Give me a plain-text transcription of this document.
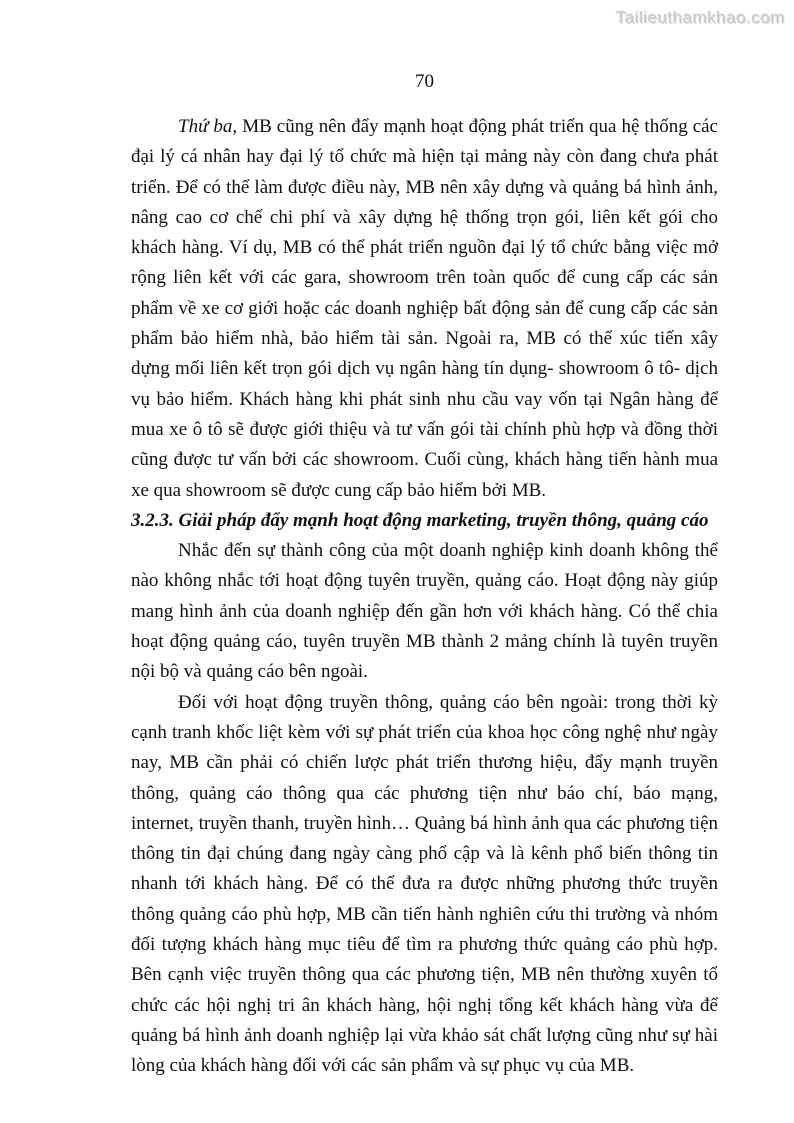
Tailieuthamkhao.com
70

Thứ ba, MB cũng nên đẩy mạnh hoạt động phát triển qua hệ thống các đại lý cá nhân hay đại lý tổ chức mà hiện tại mảng này còn đang chưa phát triển. Để có thể làm được điều này, MB nên xây dựng và quảng bá hình ảnh, nâng cao cơ chế chi phí và xây dựng hệ thống trọn gói, liên kết gói cho khách hàng. Ví dụ, MB có thể phát triển nguồn đại lý tổ chức bằng việc mở rộng liên kết với các gara, showroom trên toàn quốc để cung cấp các sản phẩm về xe cơ giới hoặc các doanh nghiệp bất động sản để cung cấp các sản phẩm bảo hiểm nhà, bảo hiểm tài sản. Ngoài ra, MB có thể xúc tiến xây dựng mối liên kết trọn gói dịch vụ ngân hàng tín dụng- showroom ô tô- dịch vụ bảo hiểm. Khách hàng khi phát sinh nhu cầu vay vốn tại Ngân hàng để mua xe ô tô sẽ được giới thiệu và tư vấn gói tài chính phù hợp và đồng thời cũng được tư vấn bởi các showroom. Cuối cùng, khách hàng tiến hành mua xe qua showroom sẽ được cung cấp bảo hiểm bởi MB.

3.2.3. Giải pháp đẩy mạnh hoạt động marketing, truyền thông, quảng cáo

Nhắc đến sự thành công của một doanh nghiệp kinh doanh không thể nào không nhắc tới hoạt động tuyên truyền, quảng cáo. Hoạt động này giúp mang hình ảnh của doanh nghiệp đến gần hơn với khách hàng. Có thể chia hoạt động quảng cáo, tuyên truyền MB thành 2 mảng chính là tuyên truyền nội bộ và quảng cáo bên ngoài.

Đối với hoạt động truyền thông, quảng cáo bên ngoài: trong thời kỳ cạnh tranh khốc liệt kèm với sự phát triển của khoa học công nghệ như ngày nay, MB cần phải có chiến lược phát triển thương hiệu, đẩy mạnh truyền thông, quảng cáo thông qua các phương tiện như báo chí, báo mạng, internet, truyền thanh, truyền hình… Quảng bá hình ảnh qua các phương tiện thông tin đại chúng đang ngày càng phổ cập và là kênh phổ biến thông tin nhanh tới khách hàng. Để có thể đưa ra được những phương thức truyền thông quảng cáo phù hợp, MB cần tiến hành nghiên cứu thi trường và nhóm đối tượng khách hàng mục tiêu để tìm ra phương thức quảng cáo phù hợp. Bên cạnh việc truyền thông qua các phương tiện, MB nên thường xuyên tổ chức các hội nghị tri ân khách hàng, hội nghị tổng kết khách hàng vừa để quảng bá hình ảnh doanh nghiệp lại vừa khảo sát chất lượng cũng như sự hài lòng của khách hàng đối với các sản phẩm và sự phục vụ của MB.
